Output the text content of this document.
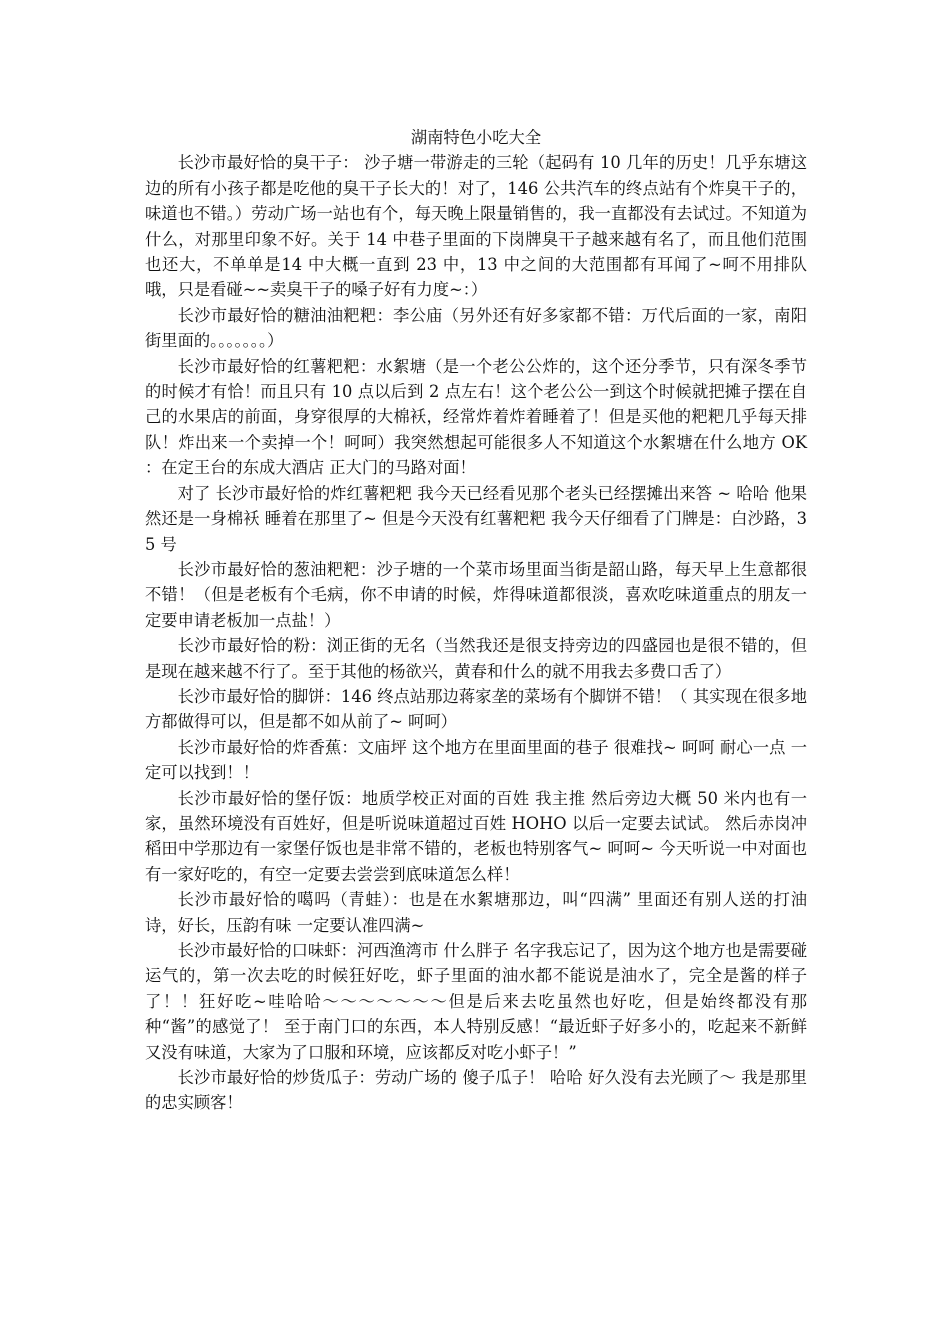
湖南特色小吃大全

长沙市最好恰的臭干子： 沙子塘一带游走的三轮（起码有 10 几年的历史！几乎东塘这边的所有小孩子都是吃他的臭干子长大的！对了，146 公共汽车的终点站有个炸臭干子的，味道也不错。）劳动广场一站也有个，每天晚上限量销售的，我一直都没有去试过。不知道为什么，对那里印象不好。关于 14 中巷子里面的下岗牌臭干子越来越有名了，而且他们范围也还大，不单单是14 中大概一直到 23 中，13 中之间的大范围都有耳闻了~呵不用排队哦，只是看碰~~卖臭干子的嗓子好有力度~：）

长沙市最好恰的糖油油粑粑：李公庙（另外还有好多家都不错：万代后面的一家，南阳街里面的。。。。。。。）

长沙市最好恰的红薯粑粑：水絮塘（是一个老公公炸的，这个还分季节，只有深冬季节的时候才有恰！而且只有 10 点以后到 2 点左右！这个老公公一到这个时候就把摊子摆在自己的水果店的前面，身穿很厚的大棉袄，经常炸着炸着睡着了！但是买他的粑粑几乎每天排队！炸出来一个卖掉一个！呵呵）我突然想起可能很多人不知道这个水絮塘在什么地方 OK ：在定王台的东成大酒店 正大门的马路对面！

对了 长沙市最好恰的炸红薯粑粑 我今天已经看见那个老头已经摆摊出来答 ~ 哈哈 他果然还是一身棉袄 睡着在那里了~ 但是今天没有红薯粑粑 我今天仔细看了门牌是：白沙路，35 号

长沙市最好恰的葱油粑粑：沙子塘的一个菜市场里面当街是韶山路，每天早上生意都很不错！（但是老板有个毛病，你不申请的时候，炸得味道都很淡，喜欢吃味道重点的朋友一定要申请老板加一点盐！）

长沙市最好恰的粉：浏正街的无名（当然我还是很支持旁边的四盛园也是很不错的，但是现在越来越不行了。至于其他的杨欲兴，黄春和什么的就不用我去多费口舌了）

长沙市最好恰的脚饼：146 终点站那边蒋家垄的菜场有个脚饼不错！（ 其实现在很多地方都做得可以，但是都不如从前了~ 呵呵）

长沙市最好恰的炸香蕉：文庙坪 这个地方在里面里面的巷子 很难找~ 呵呵 耐心一点 一定可以找到！！

长沙市最好恰的堡仔饭：地质学校正对面的百姓 我主推 然后旁边大概 50 米内也有一家，虽然环境没有百姓好，但是听说味道超过百姓 HOHO 以后一定要去试试。 然后赤岗冲稻田中学那边有一家堡仔饭也是非常不错的，老板也特别客气~ 呵呵~ 今天听说一中对面也有一家好吃的，有空一定要去尝尝到底味道怎么样！

长沙市最好恰的噶吗（青蛙）：也是在水絮塘那边，叫“四满” 里面还有别人送的打油诗，好长，压韵有味 一定要认准四满~

长沙市最好恰的口味虾：河西渔湾市 什么胖子 名字我忘记了，因为这个地方也是需要碰运气的，第一次去吃的时候狂好吃，虾子里面的油水都不能说是油水了，完全是酱的样子了！！狂好吃~哇哈哈～～～～～～～但是后来去吃虽然也好吃，但是始终都没有那种“酱”的感觉了！ 至于南门口的东西，本人特别反感！“最近虾子好多小的，吃起来不新鲜又没有味道，大家为了口服和环境，应该都反对吃小虾子！”

长沙市最好恰的炒货瓜子：劳动广场的 傻子瓜子！ 哈哈 好久没有去光顾了～ 我是那里的忠实顾客！
